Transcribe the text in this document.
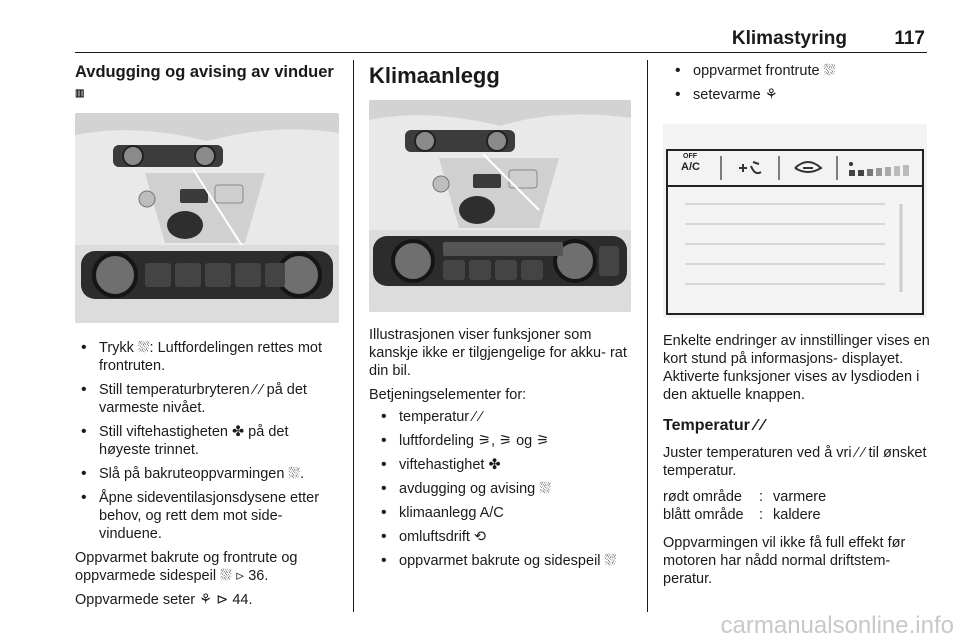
Klimastyring 117
Avdugging og avising av vinduer ▥
• Trykk ⛆: Luftfordelingen rettes mot frontruten.
• Still temperaturbryteren ⁄ ⁄ på det varmeste nivået.
• Still viftehastigheten ✤ på det høyeste trinnet.
• Slå på bakruteoppvarmingen ⛆.
• Åpne sideventilasjonsdysene etter behov, og rett dem mot side- vinduene.

Oppvarmet bakrute og frontrute og oppvarmede sidespeil ⛆ ⊳ 36.

Oppvarmede seter ⚘ ⊳ 44.

Klimaanlegg

Illustrasjonen viser funksjoner som kanskje ikke er tilgjengelige for akku- rat din bil.

Betjeningselementer for:

• temperatur ⁄ ⁄
• luftfordeling ⚞, ⚞ og ⚞
• viftehastighet ✤
• avdugging og avising ⛆
• klimaanlegg A/C
• omluftsdrift ⟲
• oppvarmet bakrute og sidespeil ⛆
• oppvarmet frontrute ⛆
• setevarme ⚘
OFF
A/C

Enkelte endringer av innstillinger vises en kort stund på informasjons- displayet. Aktiverte funksjoner vises av lysdioden i den aktuelle knappen.

Temperatur ⁄ ⁄

Juster temperaturen ved å vri ⁄ ⁄ til ønsket temperatur.

rødt område	: varmere
blått område	: kaldere

Oppvarmingen vil ikke få full effekt før motoren har nådd normal driftstem- peratur.

carmanualsonline.info
